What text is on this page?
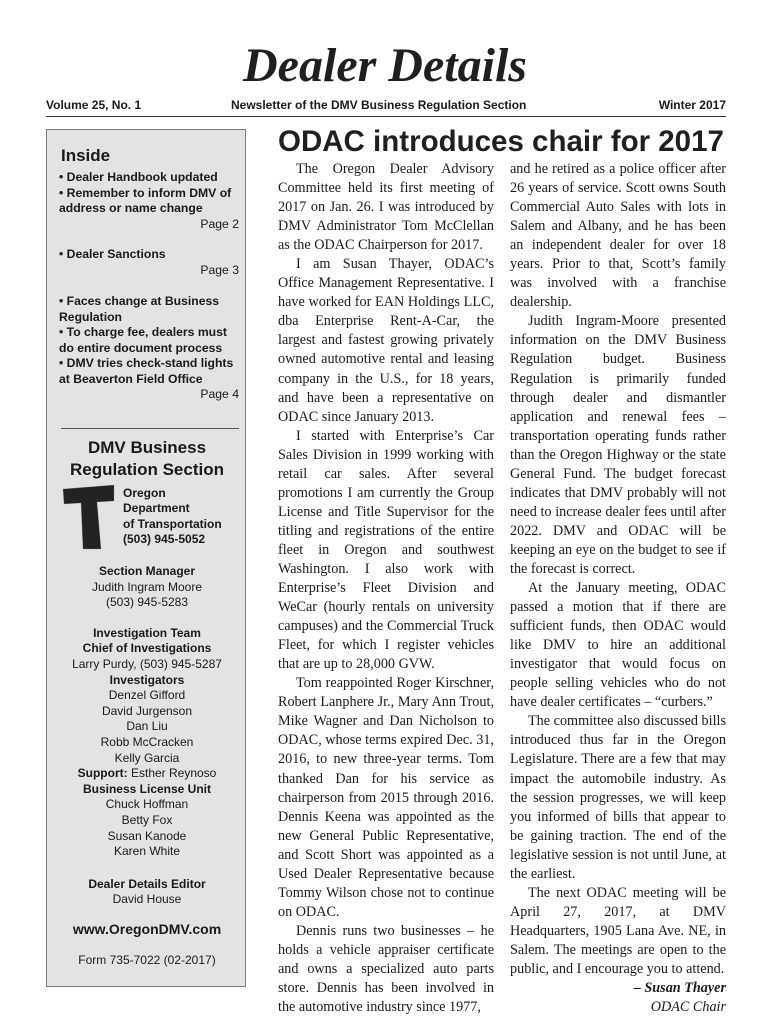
Dealer Details
Volume 25, No. 1	Newsletter of the DMV Business Regulation Section	Winter 2017
Inside
• Dealer Handbook updated
• Remember to inform DMV of address or name change
Page 2
• Dealer Sanctions
Page 3
• Faces change at Business Regulation
• To charge fee, dealers must do entire document process
• DMV tries check-stand lights at Beaverton Field Office
Page 4
DMV Business Regulation Section
Oregon
Department
of Transportation
(503) 945-5052
Section Manager
Judith Ingram Moore
(503) 945-5283
Investigation Team
Chief of Investigations
Larry Purdy, (503) 945-5287
Investigators
Denzel Gifford
David Jurgenson
Dan Liu
Robb McCracken
Kelly Garcia
Support: Esther Reynoso
Business License Unit
Chuck Hoffman
Betty Fox
Susan Kanode
Karen White
Dealer Details Editor
David House
www.OregonDMV.com
Form 735-7022 (02-2017)
ODAC introduces chair for 2017

The Oregon Dealer Advisory Committee held its first meeting of 2017 on Jan. 26. I was introduced by DMV Administrator Tom McClellan as the ODAC Chairperson for 2017.

I am Susan Thayer, ODAC’s Office Management Representative. I have worked for EAN Holdings LLC, dba Enterprise Rent-A-Car, the largest and fastest growing privately owned automotive rental and leasing company in the U.S., for 18 years, and have been a representative on ODAC since January 2013.

I started with Enterprise’s Car Sales Division in 1999 working with retail car sales. After several promotions I am currently the Group License and Title Supervisor for the titling and registrations of the entire fleet in Oregon and southwest Washington. I also work with Enterprise’s Fleet Division and WeCar (hourly rentals on university campuses) and the Commercial Truck Fleet, for which I register vehicles that are up to 28,000 GVW.

Tom reappointed Roger Kirschner, Robert Lanphere Jr., Mary Ann Trout, Mike Wagner and Dan Nicholson to ODAC, whose terms expired Dec. 31, 2016, to new three-year terms. Tom thanked Dan for his service as chairperson from 2015 through 2016. Dennis Keena was appointed as the new General Public Representative, and Scott Short was appointed as a Used Dealer Representative because Tommy Wilson chose not to continue on ODAC.

Dennis runs two businesses – he holds a vehicle appraiser certificate and owns a specialized auto parts store. Dennis has been involved in the automotive industry since 1977,

and he retired as a police officer after 26 years of service. Scott owns South Commercial Auto Sales with lots in Salem and Albany, and he has been an independent dealer for over 18 years. Prior to that, Scott’s family was involved with a franchise dealership.

Judith Ingram-Moore presented information on the DMV Business Regulation budget. Business Regulation is primarily funded through dealer and dismantler application and renewal fees – transportation operating funds rather than the Oregon Highway or the state General Fund. The budget forecast indicates that DMV probably will not need to increase dealer fees until after 2022. DMV and ODAC will be keeping an eye on the budget to see if the forecast is correct.

At the January meeting, ODAC passed a motion that if there are sufficient funds, then ODAC would like DMV to hire an additional investigator that would focus on people selling vehicles who do not have dealer certificates – “curbers.”

The committee also discussed bills introduced thus far in the Oregon Legislature. There are a few that may impact the automobile industry. As the session progresses, we will keep you informed of bills that appear to be gaining traction. The end of the legislative session is not until June, at the earliest.

The next ODAC meeting will be April 27, 2017, at DMV Headquarters, 1905 Lana Ave. NE, in Salem. The meetings are open to the public, and I encourage you to attend.

– Susan Thayer

ODAC Chair
